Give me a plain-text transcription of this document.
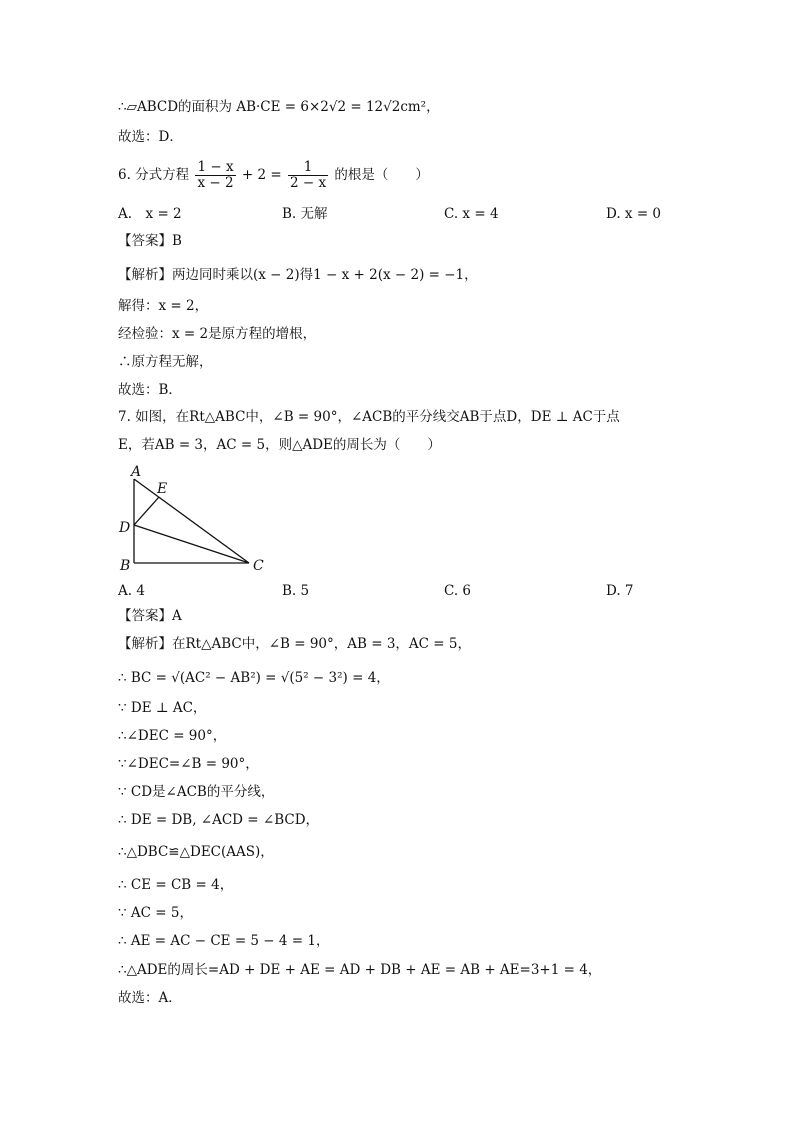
∴▱ABCD的面积为 AB·CE = 6×2√2 = 12√2cm²，
故选：D．
6. 分式方程 $\frac{1 - x}{x - 2} + 2 = \frac{1}{2 - x}$ 的根是（　　）
A.　x = 2	B. 无解	C. x = 4	D. x = 0
【答案】B
【解析】两边同时乘以(x − 2)得1 − x + 2(x − 2) = −1，
解得：x = 2，
经检验：x = 2是原方程的增根，
∴原方程无解，
故选：B．
7. 如图，在Rt△ABC中，∠B = 90°，∠ACB的平分线交AB于点D，DE ⊥ AC于点
E，若AB = 3，AC = 5，则△ADE的周长为（　　）
A
E
D
B	C
A. 4	B. 5	C. 6	D. 7
【答案】A
【解析】在Rt△ABC中，∠B = 90°，AB = 3，AC = 5，
∴ BC = √(AC² − AB²) = √(5² − 3²) = 4，
∵ DE ⊥ AC，
∴∠DEC = 90°，
∵∠DEC=∠B = 90°，
∵ CD是∠ACB的平分线，
∴ DE = DB, ∠ACD = ∠BCD，
∴△DBC≌△DEC(AAS)，
∴ CE = CB = 4，
∵ AC = 5，
∴ AE = AC − CE = 5 − 4 = 1，
∴△ADE的周长=AD + DE + AE = AD + DB + AE = AB + AE=3+1 = 4，
故选：A．
